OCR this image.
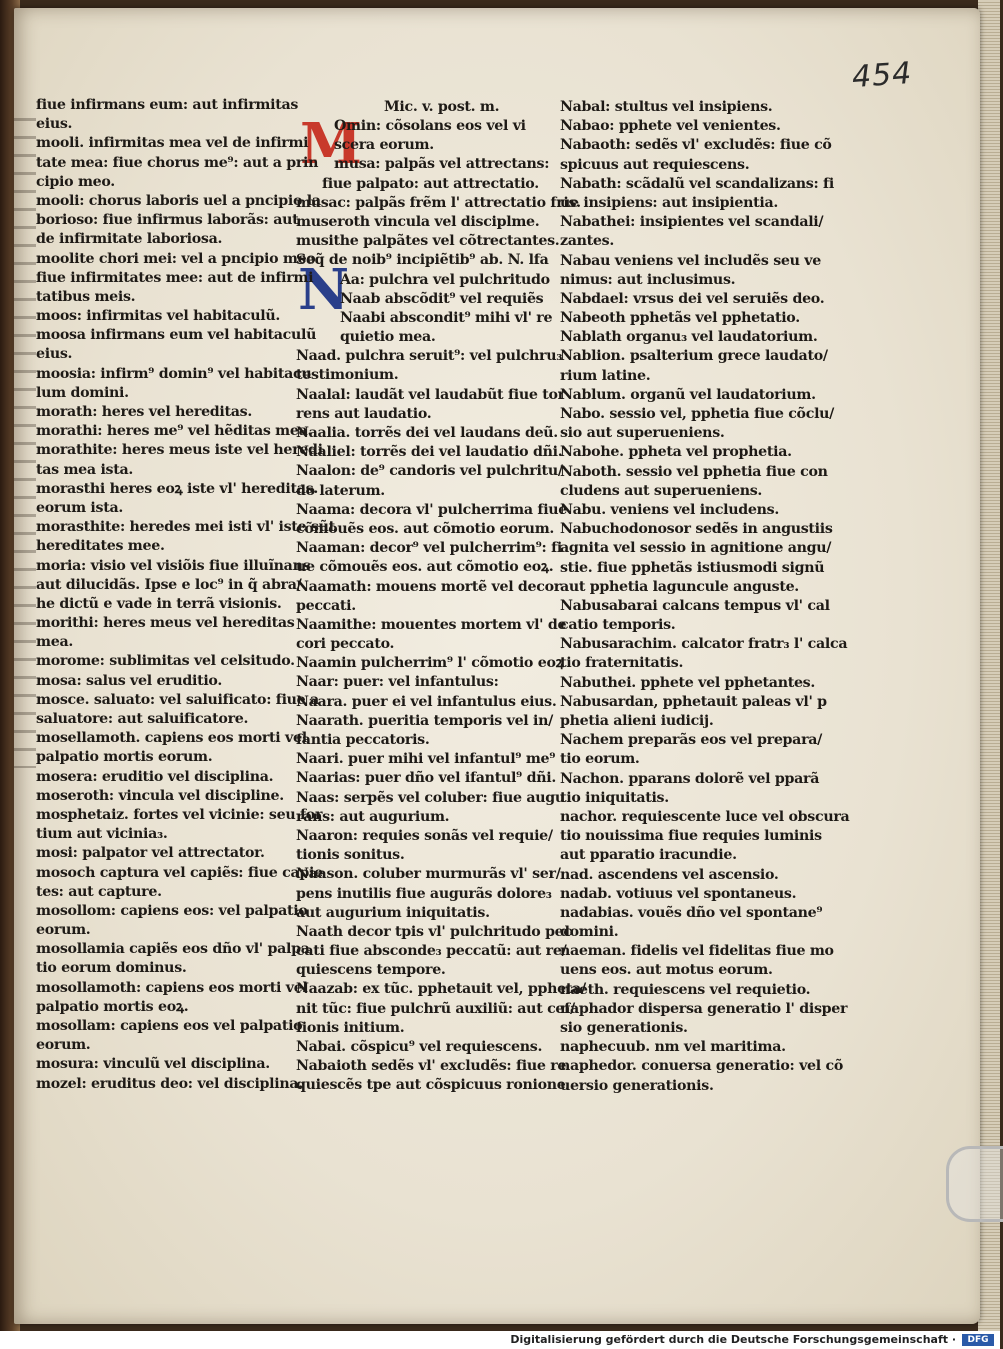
454
Mic. v. post. m.
M
N
fiue infirmans eum: aut infirmitas
eius.
mooli. infirmitas mea vel de infirmi
tate mea: fiue chorus me⁹: aut a prin
cipio meo.
mooli: chorus laboris uel a pncipio la
borioso: fiue infirmus laborãs: aut
de infirmitate laboriosa.
moolite chori mei: vel a pncipio meo
fiue infirmitates mee: aut de infirmi
tatibus meis.
moos: infirmitas vel habitaculũ.
moosa infirmans eum vel habitaculũ
eius.
moosia: infirm⁹ domin⁹ vel habitacu
lum domini.
morath: heres vel hereditas.
morathi: heres me⁹ vel hẽditas mea.
morathite: heres meus iste vel heredi
tas mea ista.
morasthi heres eoꝝ iste vl' hereditas.
eorum ista.
morasthite: heredes mei isti vl' iste sũt
hereditates mee.
moria: visio vel visiõis fiue illuĩnans
aut dilucidãs. Ipse e loc⁹ in q̃ abra/
he dictũ e vade in terrã visionis.
morithi: heres meus vel hereditas
mea.
morome: sublimitas vel celsitudo.
mosa: salus vel eruditio.
mosce. saluato: vel saluificato: fiue a
saluatore: aut saluificatore.
mosellamoth. capiens eos morti vel
palpatio mortis eorum.
mosera: eruditio vel disciplina.
moseroth: vincula vel discipline.
mosphetaiz. fortes vel vicinie: seu for
tium aut vicinia₃.
mosi: palpator vel attrectator.
mosoch captura vel capiẽs: fiue capie
tes: aut capture.
mosollom: capiens eos: vel palpatio
eorum.
mosollamia capiẽs eos dño vl' palpa
tio eorum dominus.
mosollamoth: capiens eos morti vel
palpatio mortis eoꝝ.
mosollam: capiens eos vel palpatio
eorum.
mosura: vinculũ vel disciplina.
mozel: eruditus deo: vel disciplina.
Omin: cõsolans eos vel vi
scera eorum.
musa: palpãs vel attrectans:
fiue palpato: aut attrectatio.
musac: palpãs frẽm l' attrectatio fris.
museroth vincula vel disciplme.
musithe palpãtes vel cõtrectantes.
Seq̃ de noib⁹ incipiẽtib⁹ ab. N. lfa
Aa: pulchra vel pulchritudo
Naab abscõdit⁹ vel requiẽs
Naabi abscondit⁹ mihi vl' re
quietio mea.
Naad. pulchra seruit⁹: vel pulchru₃
testimonium.
Naalal: laudãt vel laudabũt fiue tor
rens aut laudatio.
Naalia. torrẽs dei vel laudans deũ.
Naaliel: torrẽs dei vel laudatio dñi.
Naalon: de⁹ candoris vel pulchritu/
do laterum.
Naama: decora vl' pulcherrima fiue
cõmouẽs eos. aut cõmotio eorum.
Naaman: decor⁹ vel pulcherrim⁹: fi
ue cõmouẽs eos. aut cõmotio eoꝝ.
Naamath: mouens mortẽ vel decor
peccati.
Naamithe: mouentes mortem vl' de
cori peccato.
Naamin pulcherrim⁹ l' cõmotio eoꝝ
Naar: puer: vel infantulus:
Naara. puer ei vel infantulus eius.
Naarath. pueritia temporis vel in/
fantia peccatoris.
Naari. puer mihi vel infantul⁹ me⁹
Naarias: puer dño vel ifantul⁹ dñi.
Naas: serpẽs vel coluber: fiue augu
rans: aut augurium.
Naaron: requies sonãs vel requie/
tionis sonitus.
Naason. coluber murmurãs vl' ser/
pens inutilis fiue augurãs dolore₃
aut augurium iniquitatis.
Naath decor tpis vl' pulchritudo pec
cati fiue absconde₃ peccatũ: aut re/
quiescens tempore.
Naazab: ex tũc. pphetauit vel, ppheta/
nit tũc: fiue pulchrũ auxiliũ: aut cef/
fionis initium.
Nabai. cõspicu⁹ vel requiescens.
Nabaioth sedẽs vl' excludẽs: fiue re
quiescẽs tpe aut cõspicuus ronione
Nabal: stultus vel insipiens.
Nabao: pphete vel venientes.
Nabaoth: sedẽs vl' excludẽs: fiue cõ
spicuus aut requiescens.
Nabath: scãdalũ vel scandalizans: fi
ue insipiens: aut insipientia.
Nabathei: insipientes vel scandali/
zantes.
Nabau veniens vel includẽs seu ve
nimus: aut inclusimus.
Nabdael: vrsus dei vel seruiẽs deo.
Nabeoth pphetãs vel pphetatio.
Nablath organu₃ vel laudatorium.
Nablion. psalterium grece laudato/
rium latine.
Nablum. organũ vel laudatorium.
Nabo. sessio vel, pphetia fiue cõclu/
sio aut superueniens.
Nabohe. ppheta vel prophetia.
Naboth. sessio vel pphetia fiue con
cludens aut superueniens.
Nabu. veniens vel includens.
Nabuchodonosor sedẽs in angustiis
agnita vel sessio in agnitione angu/
stie. fiue pphetãs istiusmodi signũ
aut pphetia laguncule anguste.
Nabusabarai calcans tempus vl' cal
catio temporis.
Nabusarachim. calcator fratr₃ l' calca
tio fraternitatis.
Nabuthei. pphete vel pphetantes.
Nabusardan, pphetauit paleas vl' p
phetia alieni iudicij.
Nachem preparãs eos vel prepara/
tio eorum.
Nachon. pparans dolorẽ vel pparã
tio iniquitatis.
nachor. requiescente luce vel obscura
tio nouissima fiue requies luminis
aut pparatio iracundie.
nad. ascendens vel ascensio.
nadab. votiuus vel spontaneus.
nadabias. vouẽs dño vel spontane⁹
domini.
naeman. fidelis vel fidelitas fiue mo
uens eos. aut motus eorum.
naeth. requiescens vel requietio.
naphador dispersa generatio l' disper
sio generationis.
naphecuub. nm vel maritima.
naphedor. conuersa generatio: vel cõ
uersio generationis.
Digitalisierung gefördert durch die Deutsche Forschungsgemeinschaft ·	DFG
